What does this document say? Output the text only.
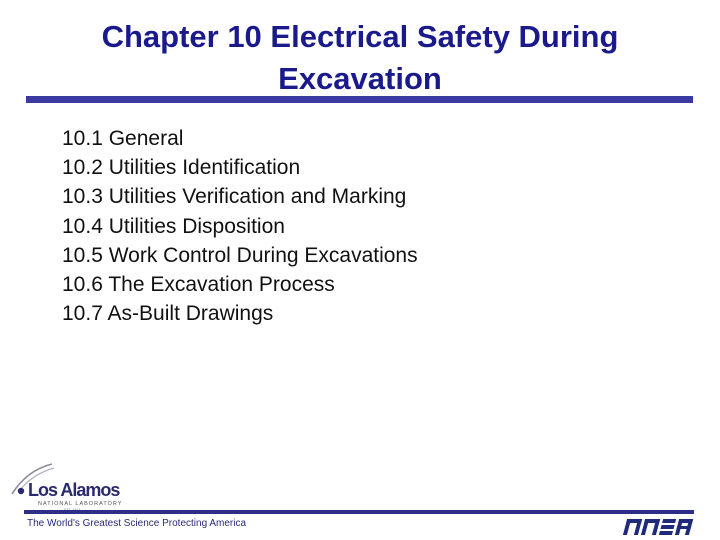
Chapter 10 Electrical Safety During Excavation
10.1 General
10.2 Utilities Identification
10.3 Utilities Verification and Marking
10.4 Utilities Disposition
10.5 Work Control During Excavations
10.6 The Excavation Process
10.7 As-Built Drawings
Los Alamos
NATIONAL LABORATORY
The World's Greatest Science Protecting America
